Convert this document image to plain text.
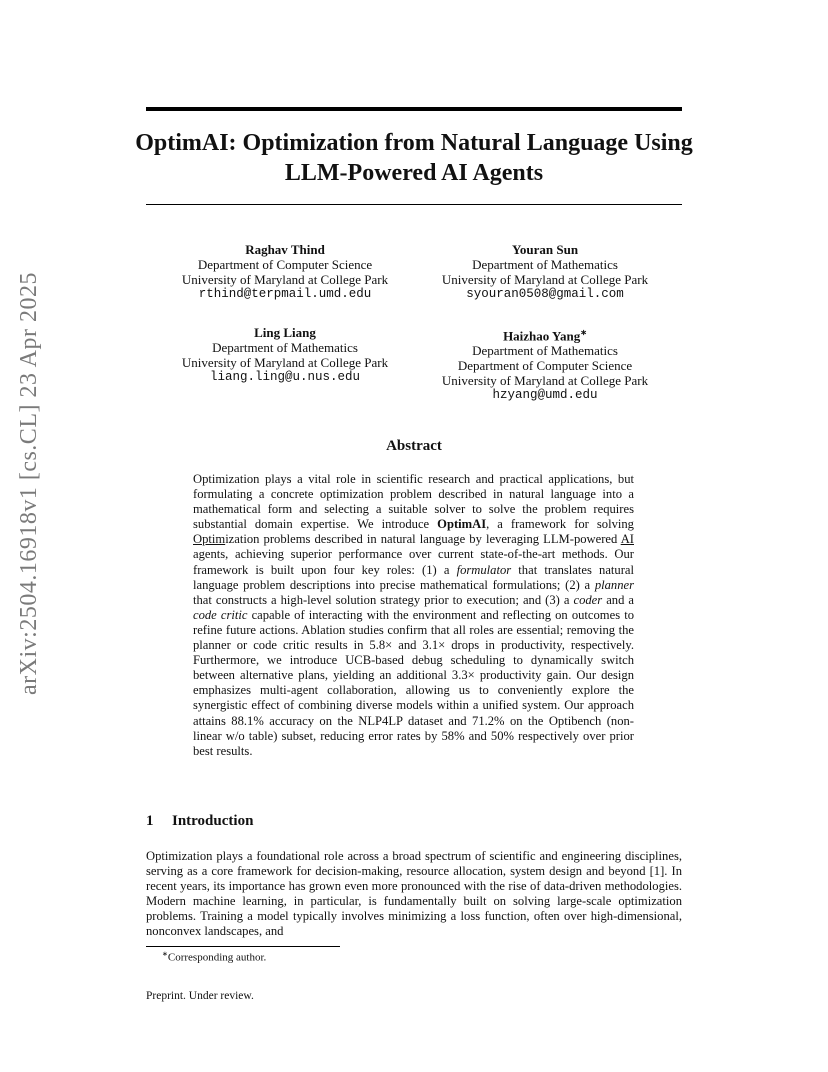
arXiv:2504.16918v1 [cs.CL] 23 Apr 2025
OptimAI: Optimization from Natural Language Using LLM-Powered AI Agents
Raghav Thind
Department of Computer Science
University of Maryland at College Park
rthind@terpmail.umd.edu
Youran Sun
Department of Mathematics
University of Maryland at College Park
syouran0508@gmail.com
Ling Liang
Department of Mathematics
University of Maryland at College Park
liang.ling@u.nus.edu
Haizhao Yang∗
Department of Mathematics
Department of Computer Science
University of Maryland at College Park
hzyang@umd.edu
Abstract
Optimization plays a vital role in scientific research and practical applications, but formulating a concrete optimization problem described in natural language into a mathematical form and selecting a suitable solver to solve the problem requires substantial domain expertise. We introduce OptimAI, a framework for solving Optimization problems described in natural language by leveraging LLM-powered AI agents, achieving superior performance over current state-of-the-art methods. Our framework is built upon four key roles: (1) a formulator that translates natural language problem descriptions into precise mathematical formulations; (2) a planner that constructs a high-level solution strategy prior to execution; and (3) a coder and a code critic capable of interacting with the environment and reflecting on outcomes to refine future actions. Ablation studies confirm that all roles are essential; removing the planner or code critic results in 5.8× and 3.1× drops in productivity, respectively. Furthermore, we introduce UCB-based debug scheduling to dynamically switch between alternative plans, yielding an additional 3.3× productivity gain. Our design emphasizes multi-agent collaboration, allowing us to conveniently explore the synergistic effect of combining diverse models within a unified system. Our approach attains 88.1% accuracy on the NLP4LP dataset and 71.2% on the Optibench (non-linear w/o table) subset, reducing error rates by 58% and 50% respectively over prior best results.
1 Introduction
Optimization plays a foundational role across a broad spectrum of scientific and engineering disciplines, serving as a core framework for decision-making, resource allocation, system design and beyond [1]. In recent years, its importance has grown even more pronounced with the rise of data-driven methodologies. Modern machine learning, in particular, is fundamentally built on solving large-scale optimization problems. Training a model typically involves minimizing a loss function, often over high-dimensional, nonconvex landscapes, and
∗Corresponding author.
Preprint. Under review.
